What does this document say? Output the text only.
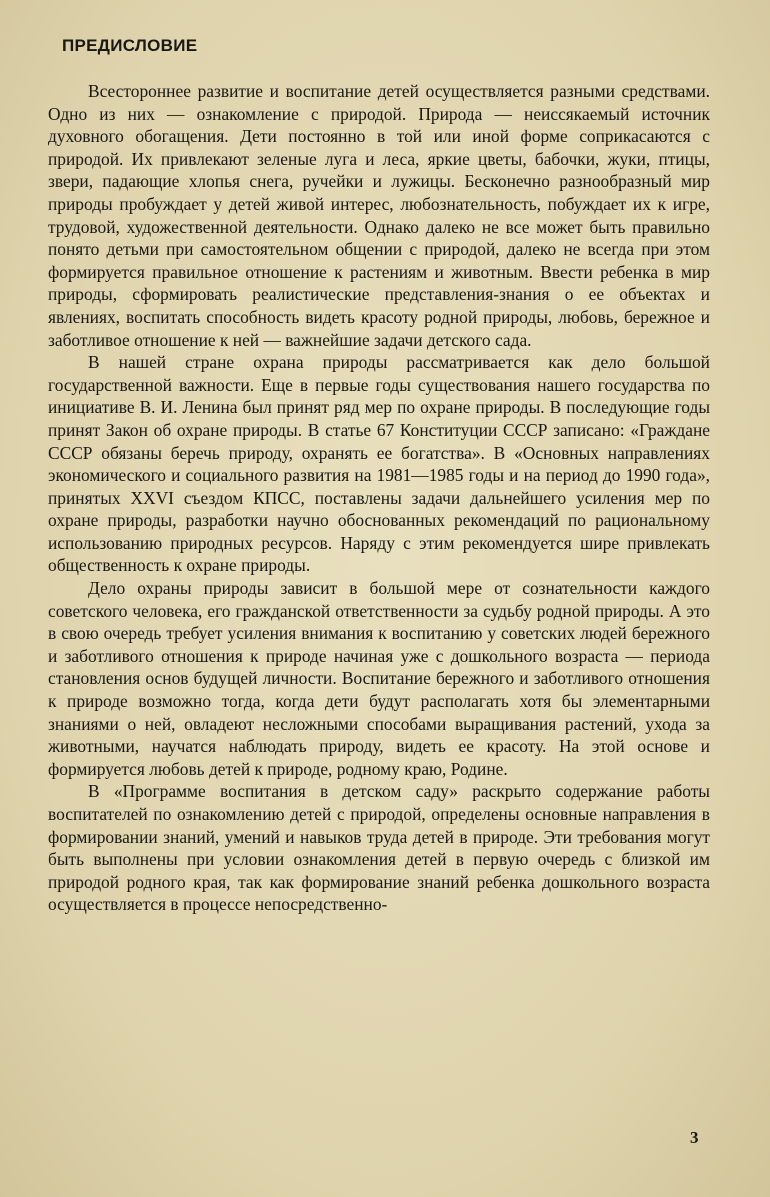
ПРЕДИСЛОВИЕ

Всестороннее развитие и воспитание детей осуществляется разными средствами. Одно из них — ознакомление с природой. Природа — неиссякаемый источник духовного обогащения. Дети постоянно в той или иной форме соприкасаются с природой. Их привлекают зеленые луга и леса, яркие цветы, бабочки, жуки, птицы, звери, падающие хлопья снега, ручейки и лужицы. Бесконечно разнообразный мир природы пробуждает у детей живой интерес, любознательность, побуждает их к игре, трудовой, художественной деятельности. Однако далеко не все может быть правильно понято детьми при самостоятельном общении с природой, далеко не всегда при этом формируется правильное отношение к растениям и животным. Ввести ребенка в мир природы, сформировать реалистические представления-знания о ее объектах и явлениях, воспитать способность видеть красоту родной природы, любовь, бережное и заботливое отношение к ней — важнейшие задачи детского сада.

В нашей стране охрана природы рассматривается как дело большой государственной важности. Еще в первые годы существования нашего государства по инициативе В. И. Ленина был принят ряд мер по охране природы. В последующие годы принят Закон об охране природы. В статье 67 Конституции СССР записано: «Граждане СССР обязаны беречь природу, охранять ее богатства». В «Основных направлениях экономического и социального развития на 1981—1985 годы и на период до 1990 года», принятых XXVI съездом КПСС, поставлены задачи дальнейшего усиления мер по охране природы, разработки научно обоснованных рекомендаций по рациональному использованию природных ресурсов. Наряду с этим рекомендуется шире привлекать общественность к охране природы.

Дело охраны природы зависит в большой мере от сознательности каждого советского человека, его гражданской ответственности за судьбу родной природы. А это в свою очередь требует усиления внимания к воспитанию у советских людей бережного и заботливого отношения к природе начиная уже с дошкольного возраста — периода становления основ будущей личности. Воспитание бережного и заботливого отношения к природе возможно тогда, когда дети будут располагать хотя бы элементарными знаниями о ней, овладеют несложными способами выращивания растений, ухода за животными, научатся наблюдать природу, видеть ее красоту. На этой основе и формируется любовь детей к природе, родному краю, Родине.

В «Программе воспитания в детском саду» раскрыто содержание работы воспитателей по ознакомлению детей с природой, определены основные направления в формировании знаний, умений и навыков труда детей в природе. Эти требования могут быть выполнены при условии ознакомления детей в первую очередь с близкой им природой родного края, так как формирование знаний ребенка дошкольного возраста осуществляется в процессе непосредственно-

3
